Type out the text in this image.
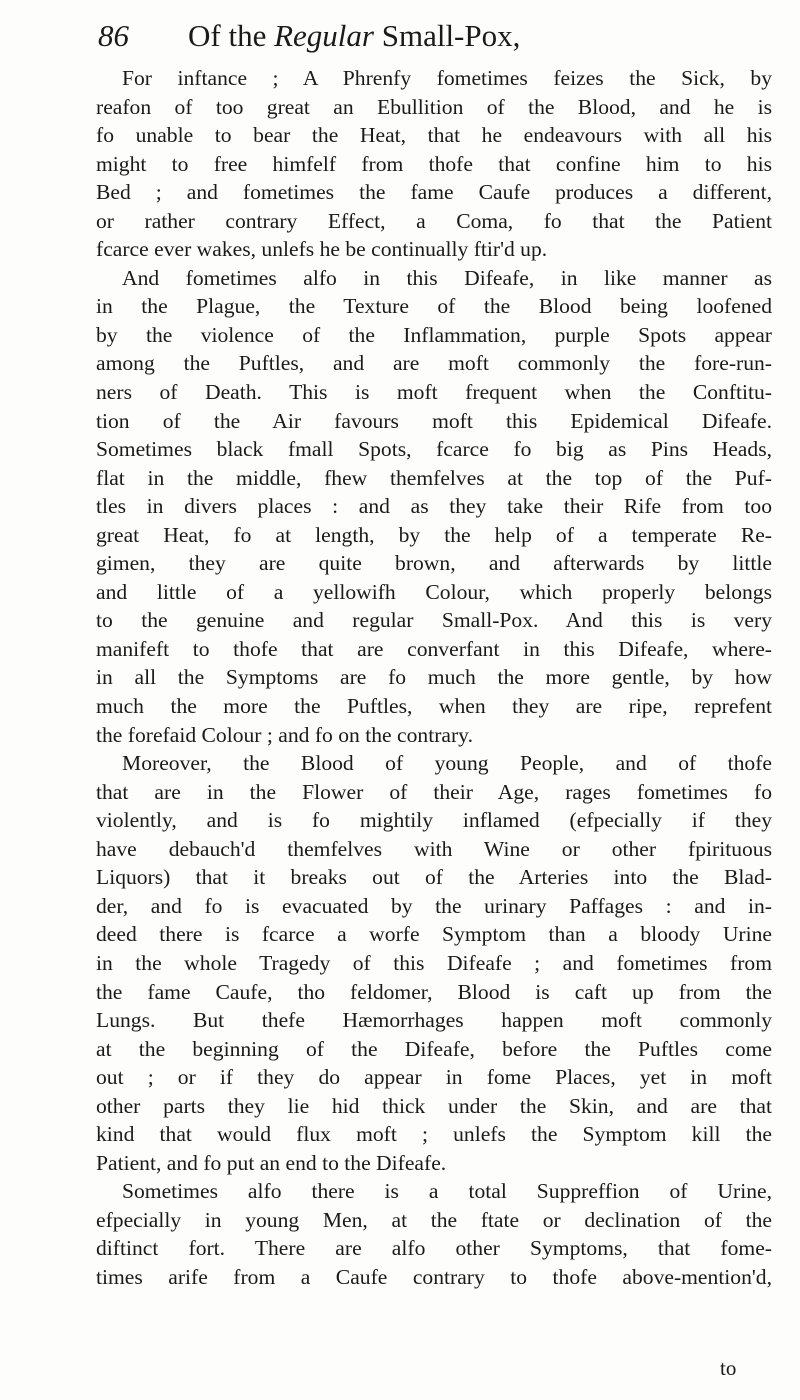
86 Of the Regular Small-Pox,
For inftance ; A Phrenfy fometimes feizes the Sick, by
reafon of too great an Ebullition of the Blood, and he is
fo unable to bear the Heat, that he endeavours with all his
might to free himfelf from thofe that confine him to his
Bed ; and fometimes the fame Caufe produces a different,
or rather contrary Effect, a Coma, fo that the Patient
fcarce ever wakes, unlefs he be continually ftir'd up.
And fometimes alfo in this Difeafe, in like manner as
in the Plague, the Texture of the Blood being loofened
by the violence of the Inflammation, purple Spots appear
among the Puftles, and are moft commonly the fore-run-
ners of Death. This is moft frequent when the Conftitu-
tion of the Air favours moft this Epidemical Difeafe.
Sometimes black fmall Spots, fcarce fo big as Pins Heads,
flat in the middle, fhew themfelves at the top of the Puf-
tles in divers places : and as they take their Rife from too
great Heat, fo at length, by the help of a temperate Re-
gimen, they are quite brown, and afterwards by little
and little of a yellowifh Colour, which properly belongs
to the genuine and regular Small-Pox. And this is very
manifeft to thofe that are converfant in this Difeafe, where-
in all the Symptoms are fo much the more gentle, by how
much the more the Puftles, when they are ripe, reprefent
the forefaid Colour ; and fo on the contrary.
Moreover, the Blood of young People, and of thofe
that are in the Flower of their Age, rages fometimes fo
violently, and is fo mightily inflamed (efpecially if they
have debauch'd themfelves with Wine or other fpirituous
Liquors) that it breaks out of the Arteries into the Blad-
der, and fo is evacuated by the urinary Paffages : and in-
deed there is fcarce a worfe Symptom than a bloody Urine
in the whole Tragedy of this Difeafe ; and fometimes from
the fame Caufe, tho feldomer, Blood is caft up from the
Lungs. But thefe Hæmorrhages happen moft commonly
at the beginning of the Difeafe, before the Puftles come
out ; or if they do appear in fome Places, yet in moft
other parts they lie hid thick under the Skin, and are that
kind that would flux moft ; unlefs the Symptom kill the
Patient, and fo put an end to the Difeafe.
Sometimes alfo there is a total Suppreffion of Urine,
efpecially in young Men, at the ftate or declination of the
diftinct fort. There are alfo other Symptoms, that fome-
times arife from a Caufe contrary to thofe above-mention'd,
to
